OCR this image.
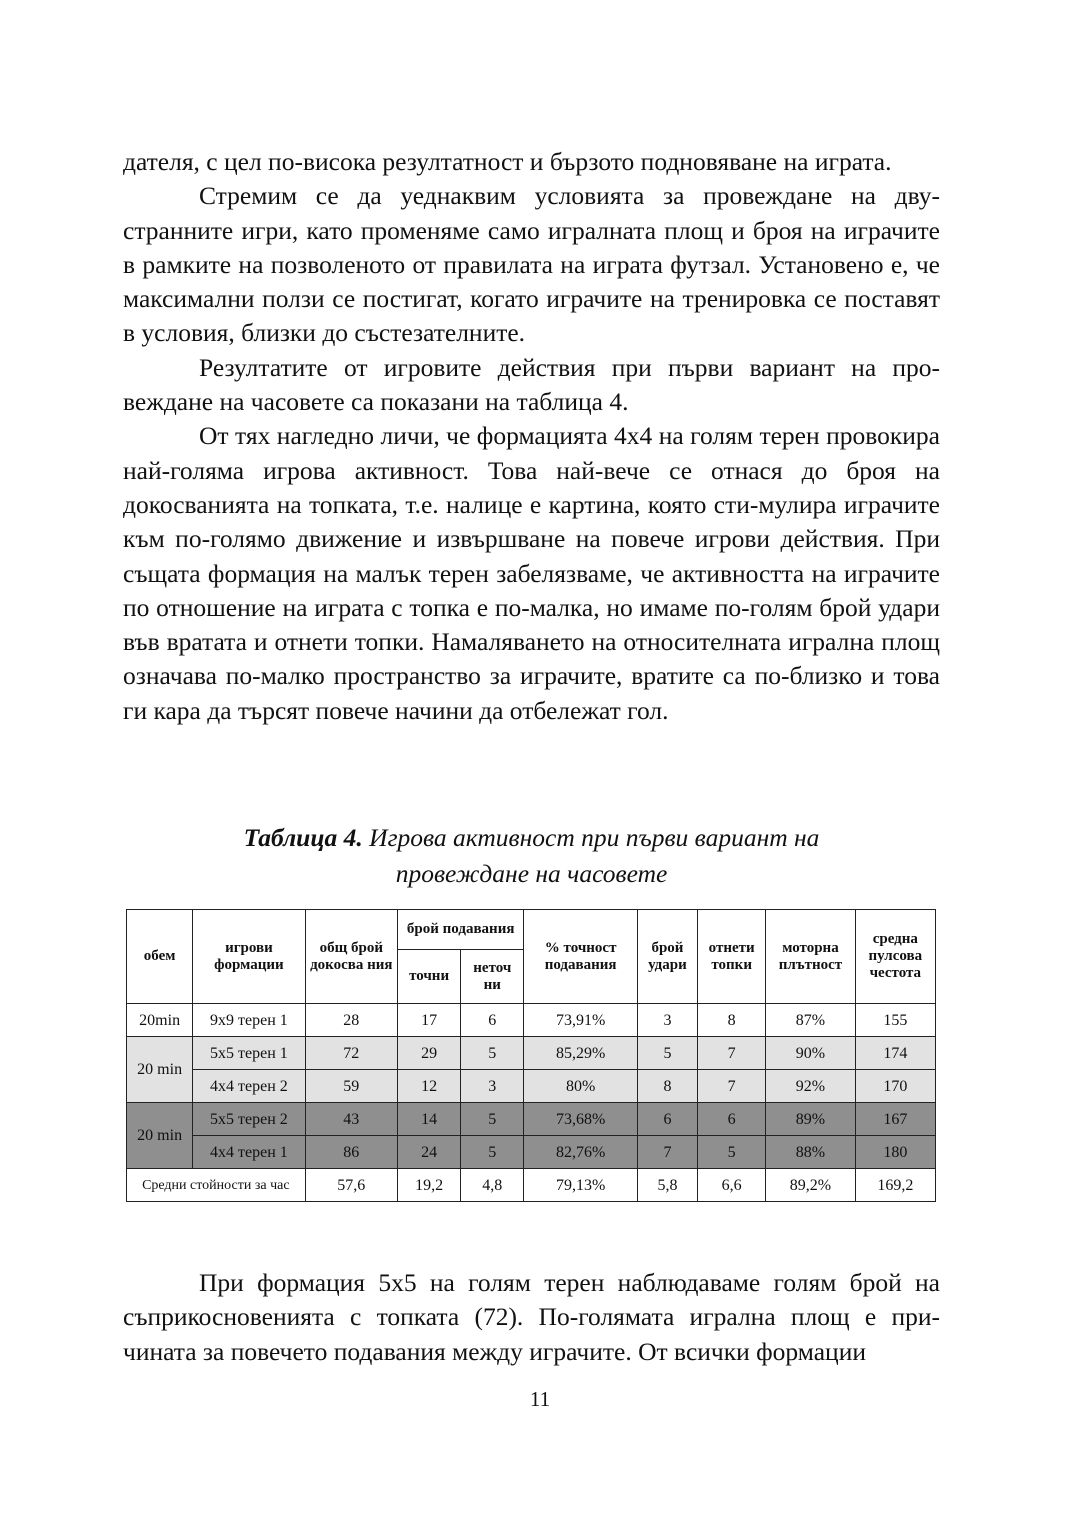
дателя, с цел по-висока резултатност и бързото подновяване на играта.

Стремим се да уеднаквим условията за провеждане на дву-странните игри, като променяме само игралната площ и броя на играчите в рамките на позволеното от правилата на играта футзал. Установено е, че максимални ползи се постигат, когато играчите на тренировка се поставят в условия, близки до състезателните.

Резултатите от игровите действия при първи вариант на про-веждане на часовете са показани на таблица 4.

От тях нагледно личи, че формацията 4х4 на голям терен провокира най-голяма игрова активност. Това най-вече се отнася до броя на докосванията на топката, т.е. налице е картина, която сти-мулира играчите към по-голямо движение и извършване на повече игрови действия. При същата формация на малък терен забелязваме, че активността на играчите по отношение на играта с топка е по-малка, но имаме по-голям брой удари във вратата и отнети топки. Намаляването на относителната игрална площ означава по-малко пространство за играчите, вратите са по-близко и това ги кара да търсят повече начини да отбележат гол.

Таблица 4. Игрова активност при първи вариант на
провеждане на часовете
обем	игрови формации	общ брой докосва ния	брой подавания		% точност подавания	брой удари	отнети топки	моторна плътност	средна пулсова честота
			точни	неточ ни					
20min	9х9 терен 1	28	17	6	73,91%	3	8	87%	155
20 min	5х5 терен 1	72	29	5	85,29%	5	7	90%	174
	4х4 терен 2	59	12	3	80%	8	7	92%	170
20 min	5х5 терен 2	43	14	5	73,68%	6	6	89%	167
	4х4 терен 1	86	24	5	82,76%	7	5	88%	180
Средни стойности за час		57,6	19,2	4,8	79,13%	5,8	6,6	89,2%	169,2

При формация 5х5 на голям терен наблюдаваме голям брой на съприкосновенията с топката (72). По-голямата игрална площ е при-чината за повечето подавания между играчите. От всички формации

11
